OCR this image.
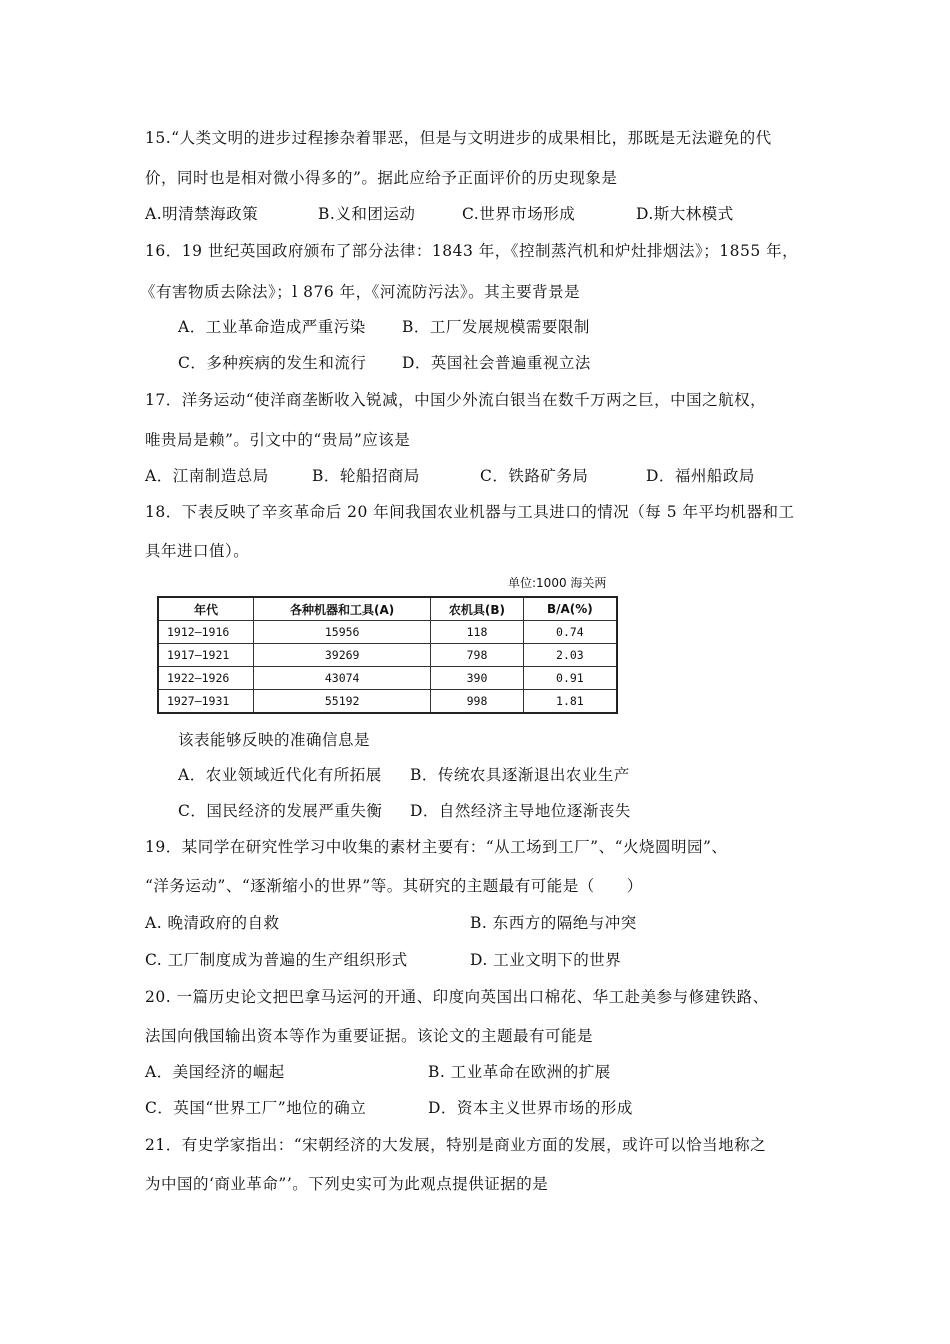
15.“人类文明的进步过程掺杂着罪恶，但是与文明进步的成果相比，那既是无法避免的代
价，同时也是相对微小得多的”。据此应给予正面评价的历史现象是
A.明清禁海政策	B.义和团运动	C.世界市场形成	D.斯大林模式
16．19 世纪英国政府颁布了部分法律：1843 年，《控制蒸汽机和炉灶排烟法》；1855 年，
《有害物质去除法》；l 876 年，《河流防污法》。其主要背景是
A．工业革命造成严重污染 B．工厂发展规模需要限制
C．多种疾病的发生和流行 D．英国社会普遍重视立法
17．洋务运动“使洋商垄断收入锐减，中国少外流白银当在数千万两之巨，中国之航权，
唯贵局是赖”。引文中的“贵局”应该是
A．江南制造总局	B．轮船招商局	C．铁路矿务局	D．福州船政局
18．下表反映了辛亥革命后 20 年间我国农业机器与工具进口的情况（每 5 年平均机器和工
具年进口值）。
单位:1000 海关两
年代	各种机器和工具(A)	农机具(B)	B/A(%)
1912—1916	15956	118	0.74
1917—1921	39269	798	2.03
1922—1926	43074	390	0.91
1927—1931	55192	998	1.81
该表能够反映的准确信息是
A．农业领域近代化有所拓展 B．传统农具逐渐退出农业生产
C．国民经济的发展严重失衡 D．自然经济主导地位逐渐丧失
19．某同学在研究性学习中收集的素材主要有：“从工场到工厂”、“火烧圆明园”、
“洋务运动”、“逐渐缩小的世界”等。其研究的主题最有可能是（　　）
A. 晚清政府的自救	B. 东西方的隔绝与冲突
C. 工厂制度成为普遍的生产组织形式	D. 工业文明下的世界
20. 一篇历史论文把巴拿马运河的开通、印度向英国出口棉花、华工赴美参与修建铁路、
法国向俄国输出资本等作为重要证据。该论文的主题最有可能是
A．美国经济的崛起	B. 工业革命在欧洲的扩展
C．英国“世界工厂”地位的确立	D．资本主义世界市场的形成
21．有史学家指出：“宋朝经济的大发展，特别是商业方面的发展，或许可以恰当地称之
为中国的‘商业革命”’。下列史实可为此观点提供证据的是
